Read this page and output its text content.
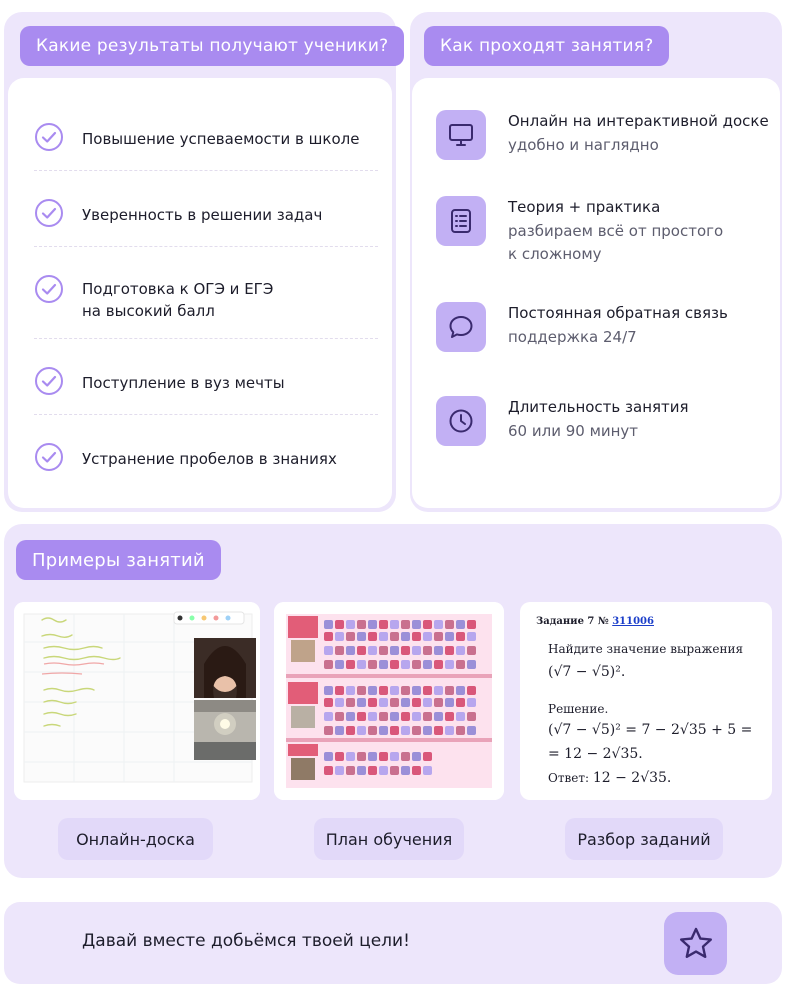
Какие результаты получают ученики?
Повышение успеваемости в школе
Уверенность в решении задач
Подготовка к ОГЭ и ЕГЭ
на высокий балл
Поступление в вуз мечты
Устранение пробелов в знаниях
Как проходят занятия?
Онлайн на интерактивной доске
удобно и наглядно
Теория + практика
разбираем всё от простого
к сложному
Постоянная обратная связь
поддержка 24/7
Длительность занятия
60 или 90 минут
Примеры занятий
Задание 7 № 311006
Найдите значение выражения
(√7 − √5)².
Решение.
(√7 − √5)² = 7 − 2√35 + 5 =
= 12 − 2√35.
Ответ: 12 − 2√35.
Онлайн-доска	План обучения	Разбор заданий
Давай вместе добьёмся твоей цели!
